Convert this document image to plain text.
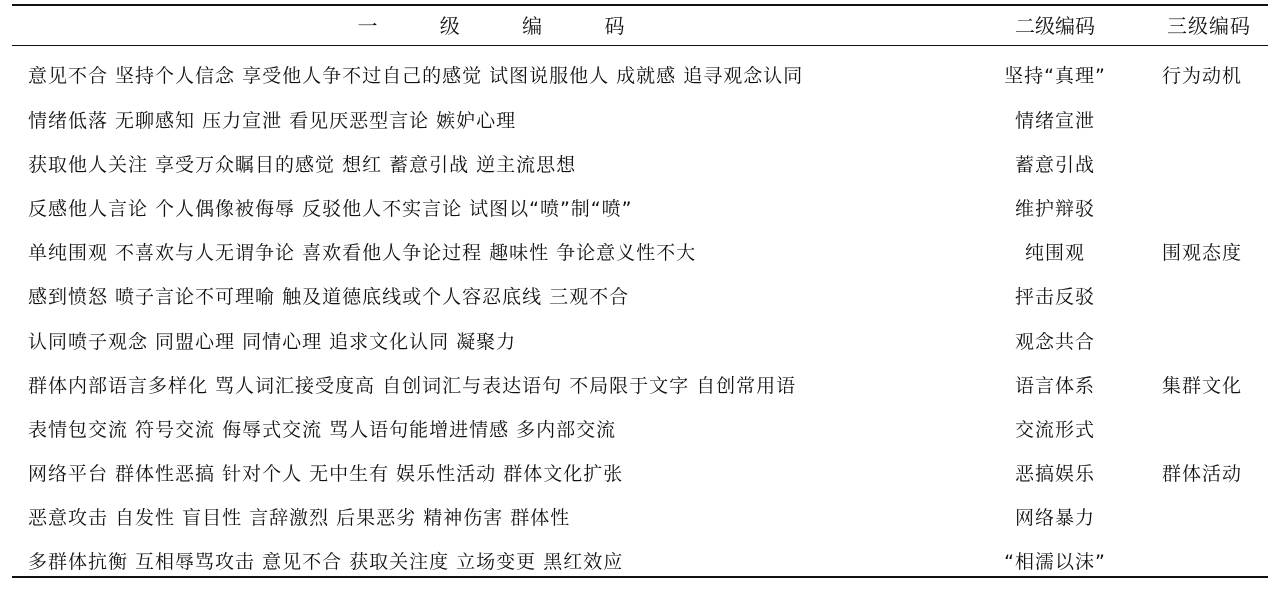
一 级 编 码	二级编码	三级编码
意见不合 坚持个人信念 享受他人争不过自己的感觉 试图说服他人 成就感 追寻观念认同	坚持“真理”	行为动机
情绪低落 无聊感知 压力宣泄 看见厌恶型言论 嫉妒心理	情绪宣泄	
获取他人关注 享受万众瞩目的感觉 想红 蓄意引战 逆主流思想	蓄意引战	
反感他人言论 个人偶像被侮辱 反驳他人不实言论 试图以“喷”制“喷”	维护辩驳	
单纯围观 不喜欢与人无谓争论 喜欢看他人争论过程 趣味性 争论意义性不大	纯围观	围观态度
感到愤怒 喷子言论不可理喻 触及道德底线或个人容忍底线 三观不合	抨击反驳	
认同喷子观念 同盟心理 同情心理 追求文化认同 凝聚力	观念共合	
群体内部语言多样化 骂人词汇接受度高 自创词汇与表达语句 不局限于文字 自创常用语	语言体系	集群文化
表情包交流 符号交流 侮辱式交流 骂人语句能增进情感 多内部交流	交流形式	
网络平台 群体性恶搞 针对个人 无中生有 娱乐性活动 群体文化扩张	恶搞娱乐	群体活动
恶意攻击 自发性 盲目性 言辞激烈 后果恶劣 精神伤害 群体性	网络暴力	
多群体抗衡 互相辱骂攻击 意见不合 获取关注度 立场变更 黑红效应	“相濡以沫”	
